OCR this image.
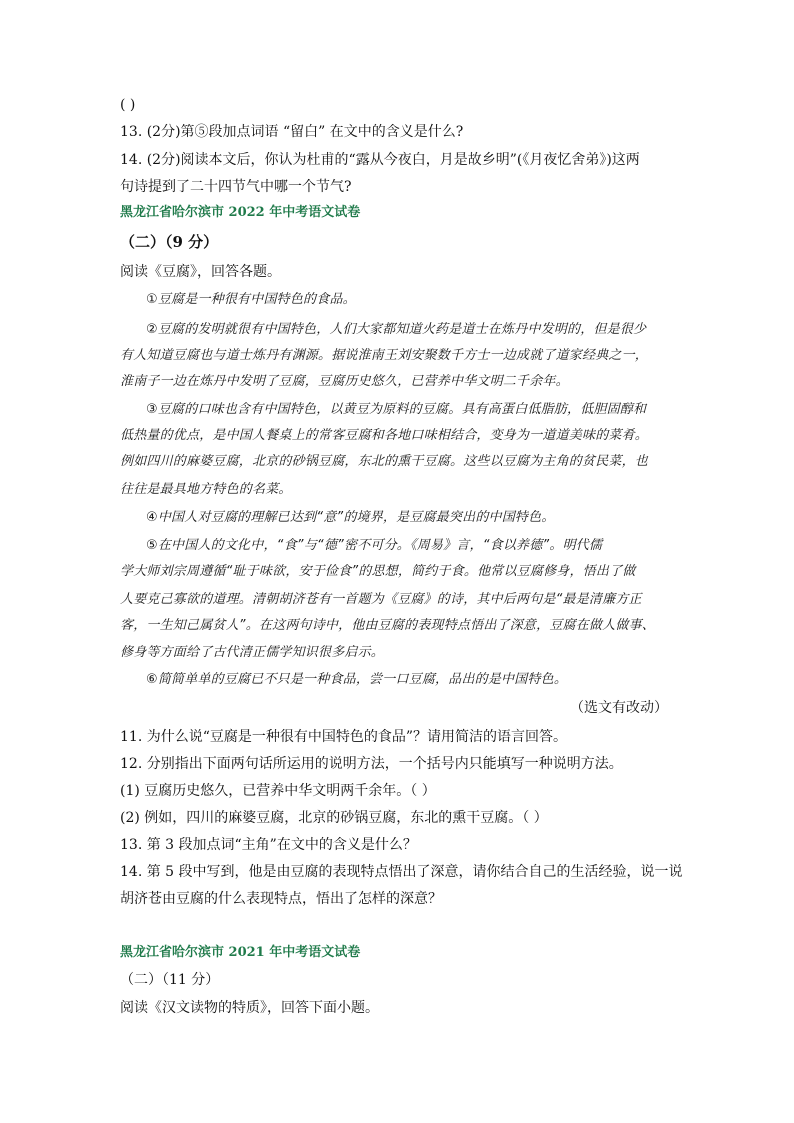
( )
13. (2分)第⑤段加点词语 “留白” 在文中的含义是什么?
14. (2分)阅读本文后，你认为杜甫的“露从今夜白，月是故乡明”(《月夜忆舍弟》)这两
句诗提到了二十四节气中哪一个节气?
黑龙江省哈尔滨市 2022 年中考语文试卷
（二）（9 分）
阅读《豆腐》，回答各题。
①豆腐是一种很有中国特色的食品。
②豆腐的发明就很有中国特色，人们大家都知道火药是道士在炼丹中发明的，但是很少
有人知道豆腐也与道士炼丹有渊源。据说淮南王刘安聚数千方士一边成就了道家经典之一，
淮南子一边在炼丹中发明了豆腐，豆腐历史悠久，已营养中华文明二千余年。
③豆腐的口味也含有中国特色，以黄豆为原料的豆腐。具有高蛋白低脂肪，低胆固醇和
低热量的优点，是中国人餐桌上的常客豆腐和各地口味相结合，变身为一道道美味的菜肴。
例如四川的麻婆豆腐，北京的砂锅豆腐，东北的熏干豆腐。这些以豆腐为主角的贫民菜，也
往往是最具地方特色的名菜。
④中国人对豆腐的理解已达到“意”的境界，是豆腐最突出的中国特色。
⑤在中国人的文化中，“食”与“德”密不可分。《周易》言，“食以养德”。明代儒
学大师刘宗周遵循“耻于味欲，安于俭食”的思想，简约于食。他常以豆腐修身，悟出了做
人要克己寡欲的道理。清朝胡济苍有一首题为《豆腐》的诗，其中后两句是“最是清廉方正
客，一生知己属贫人”。在这两句诗中，他由豆腐的表现特点悟出了深意，豆腐在做人做事、
修身等方面给了古代清正儒学知识很多启示。
⑥简简单单的豆腐已不只是一种食品，尝一口豆腐，品出的是中国特色。
（选文有改动）
11. 为什么说“豆腐是一种很有中国特色的食品”？请用简洁的语言回答。
12. 分别指出下面两句话所运用的说明方法，一个括号内只能填写一种说明方法。
(1) 豆腐历史悠久，已营养中华文明两千余年。（ ）
(2) 例如，四川的麻婆豆腐，北京的砂锅豆腐，东北的熏干豆腐。（ ）
13. 第 3 段加点词“主角”在文中的含义是什么？
14. 第 5 段中写到，他是由豆腐的表现特点悟出了深意，请你结合自己的生活经验，说一说
胡济苍由豆腐的什么表现特点，悟出了怎样的深意？
黑龙江省哈尔滨市 2021 年中考语文试卷
（二）（11 分）
阅读《汉文读物的特质》，回答下面小题。
